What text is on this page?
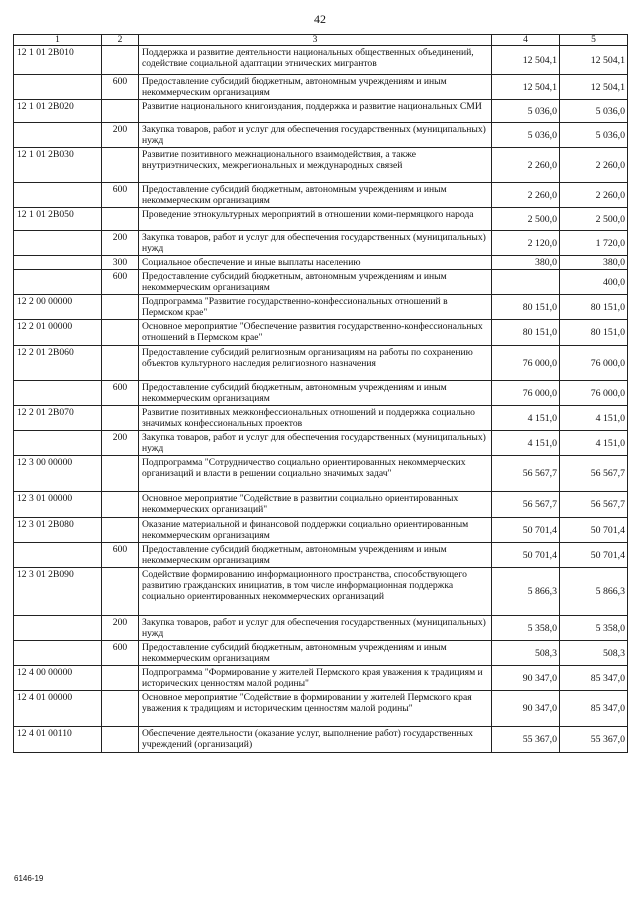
42
1	2	3	4	5
12 1 01 2В010		Поддержка и развитие деятельности национальных общественных объединений, содействие социальной адаптации этнических мигрантов	12 504,1	12 504,1
	600	Предоставление субсидий бюджетным, автономным учреждениям и иным некоммерческим организациям	12 504,1	12 504,1
12 1 01 2В020		Развитие национального книгоиздания, поддержка и развитие национальных СМИ	5 036,0	5 036,0
	200	Закупка товаров, работ и услуг для обеспечения государственных (муниципальных) нужд	5 036,0	5 036,0
12 1 01 2В030		Развитие позитивного межнационального взаимодействия, а также внутриэтнических, межрегиональных и международных связей	2 260,0	2 260,0
	600	Предоставление субсидий бюджетным, автономным учреждениям и иным некоммерческим организациям	2 260,0	2 260,0
12 1 01 2В050		Проведение этнокультурных мероприятий в отношении коми-пермяцкого народа	2 500,0	2 500,0
	200	Закупка товаров, работ и услуг для обеспечения государственных (муниципальных) нужд	2 120,0	1 720,0
	300	Социальное обеспечение и иные выплаты населению	380,0	380,0
	600	Предоставление субсидий бюджетным, автономным учреждениям и иным некоммерческим организациям		400,0
12 2 00 00000		Подпрограмма "Развитие государственно-конфессиональных отношений в Пермском крае"	80 151,0	80 151,0
12 2 01 00000		Основное мероприятие "Обеспечение развития государственно-конфессиональных отношений в Пермском крае"	80 151,0	80 151,0
12 2 01 2В060		Предоставление субсидий религиозным организациям на работы по сохранению объектов культурного наследия религиозного назначения	76 000,0	76 000,0
	600	Предоставление субсидий бюджетным, автономным учреждениям и иным некоммерческим организациям	76 000,0	76 000,0
12 2 01 2В070		Развитие позитивных межконфессиональных отношений и поддержка социально значимых конфессиональных проектов	4 151,0	4 151,0
	200	Закупка товаров, работ и услуг для обеспечения государственных (муниципальных) нужд	4 151,0	4 151,0
12 3 00 00000		Подпрограмма "Сотрудничество социально ориентированных некоммерческих организаций и власти в решении социально значимых задач"	56 567,7	56 567,7
12 3 01 00000		Основное мероприятие "Содействие в развитии социально ориентированных некоммерческих организаций"	56 567,7	56 567,7
12 3 01 2В080		Оказание материальной и финансовой поддержки социально ориентированным некоммерческим организациям	50 701,4	50 701,4
	600	Предоставление субсидий бюджетным, автономным учреждениям и иным некоммерческим организациям	50 701,4	50 701,4
12 3 01 2В090		Содействие формированию информационного пространства, способствующего развитию гражданских инициатив, в том числе информационная поддержка социально ориентированных некоммерческих организаций	5 866,3	5 866,3
	200	Закупка товаров, работ и услуг для обеспечения государственных (муниципальных) нужд	5 358,0	5 358,0
	600	Предоставление субсидий бюджетным, автономным учреждениям и иным некоммерческим организациям	508,3	508,3
12 4 00 00000		Подпрограмма "Формирование у жителей Пермского края уважения к традициям и исторических ценностям малой родины"	90 347,0	85 347,0
12 4 01 00000		Основное мероприятие "Содействие в формировании у жителей Пермского края уважения к традициям и историческим ценностям малой родины"	90 347,0	85 347,0
12 4 01 00110		Обеспечение деятельности (оказание услуг, выполнение работ) государственных учреждений (организаций)	55 367,0	55 367,0
6146-19
